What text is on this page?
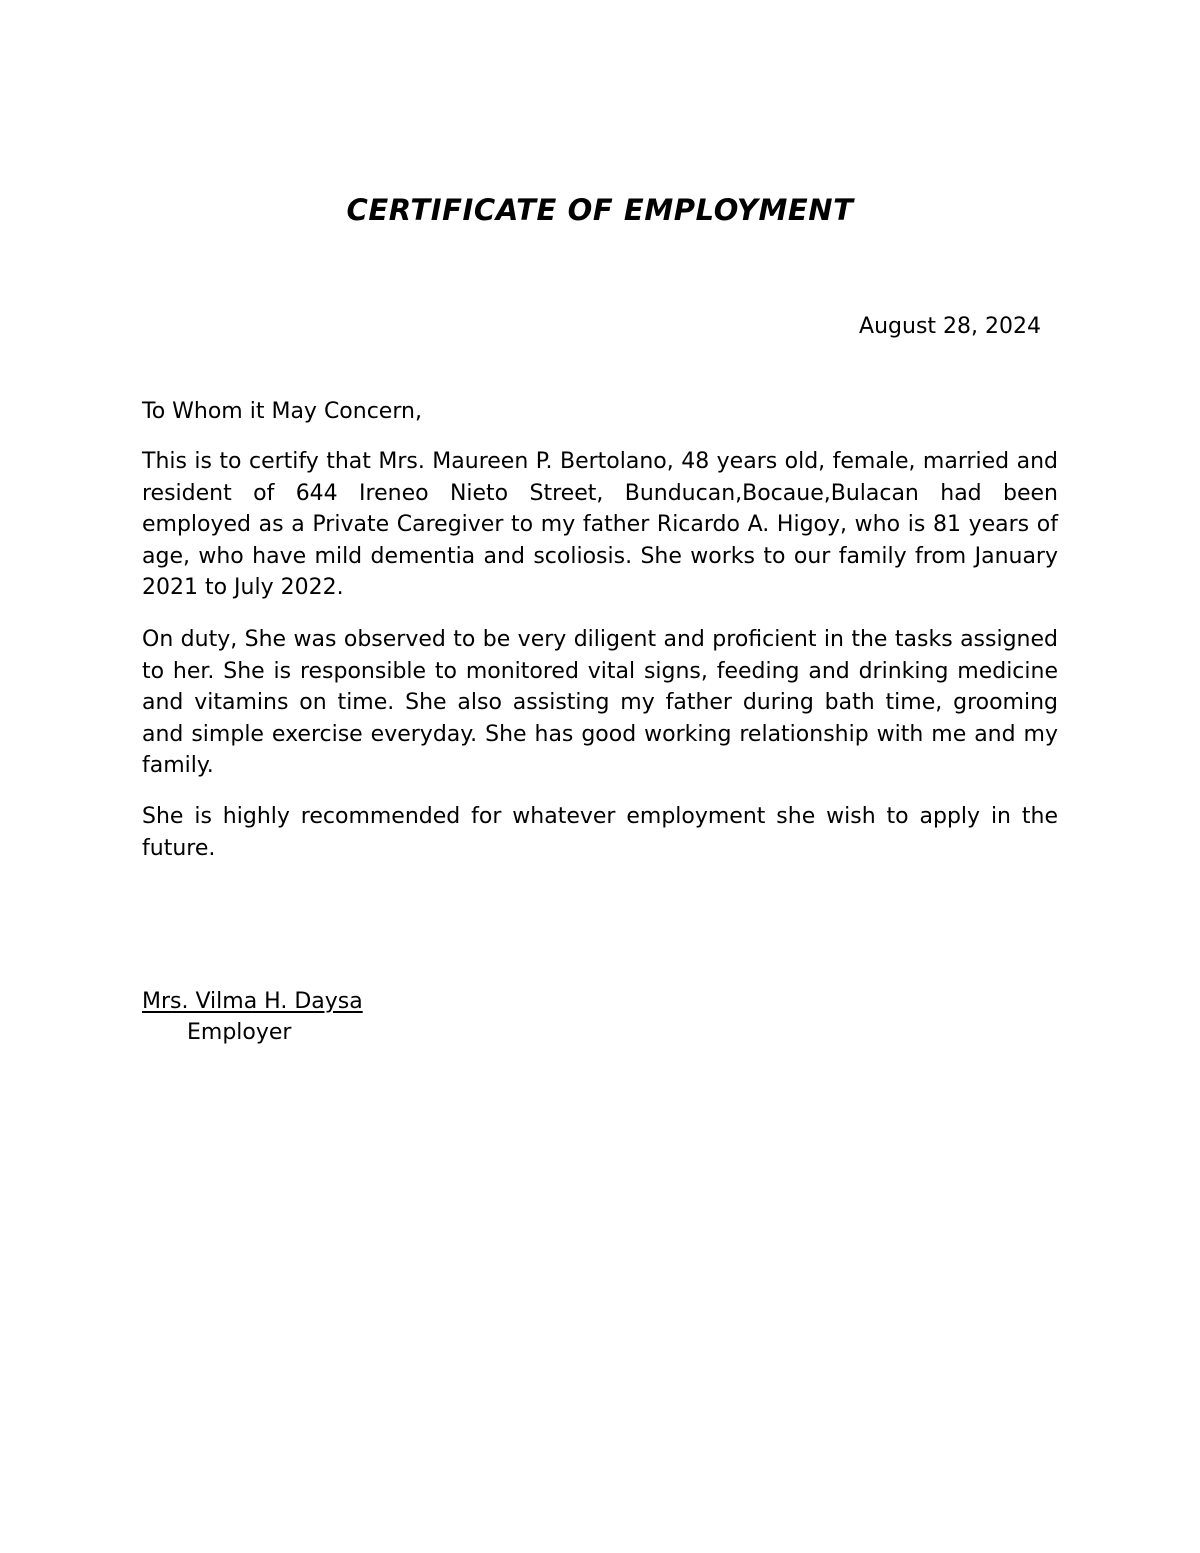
CERTIFICATE OF EMPLOYMENT
August 28, 2024

To Whom it May Concern,

This is to certify that Mrs. Maureen P. Bertolano, 48 years old, female, married and resident of 644 Ireneo Nieto Street, Bunducan,Bocaue,Bulacan had been employed as a Private Caregiver to my father Ricardo A. Higoy, who is 81 years of age, who have mild dementia and scoliosis. She works to our family from January 2021 to July 2022.

On duty, She was observed to be very diligent and proficient in the tasks assigned to her. She is responsible to monitored vital signs, feeding and drinking medicine and vitamins on time. She also assisting my father during bath time, grooming and simple exercise everyday. She has good working relationship with me and my family.

She is highly recommended for whatever employment she wish to apply in the future.

Mrs. Vilma H. Daysa
Employer
